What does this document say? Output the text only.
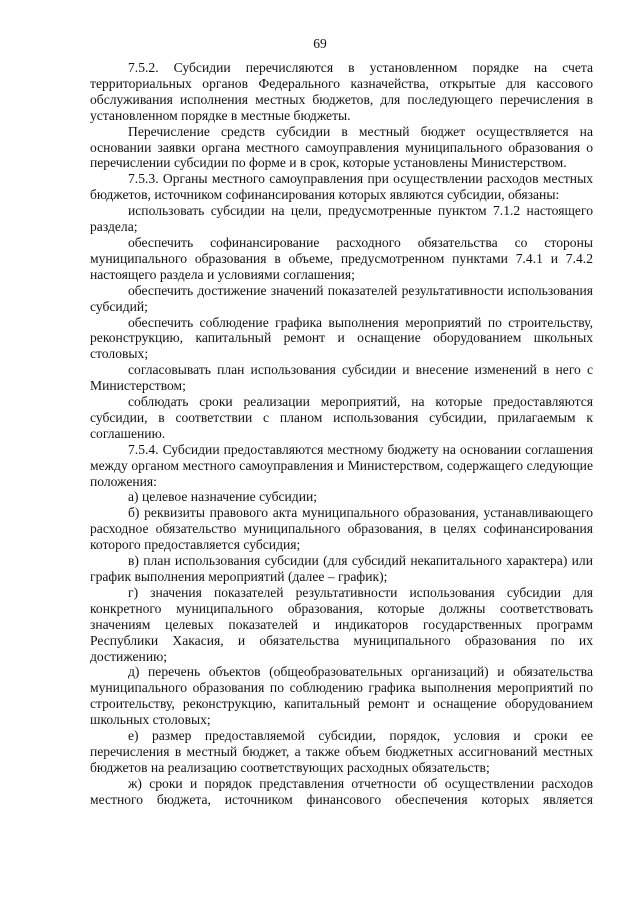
69

7.5.2. Субсидии перечисляются в установленном порядке на счета территориальных органов Федерального казначейства, открытые для кассового обслуживания исполнения местных бюджетов, для последующего перечисления в установленном порядке в местные бюджеты.

Перечисление средств субсидии в местный бюджет осуществляется на основании заявки органа местного самоуправления муниципального образования о перечислении субсидии по форме и в срок, которые установлены Министерством.

7.5.3. Органы местного самоуправления при осуществлении расходов местных бюджетов, источником софинансирования которых являются субсидии, обязаны:

использовать субсидии на цели, предусмотренные пунктом 7.1.2 настоящего раздела;

обеспечить софинансирование расходного обязательства со стороны муниципального образования в объеме, предусмотренном пунктами 7.4.1 и 7.4.2 настоящего раздела и условиями соглашения;

обеспечить достижение значений показателей результативности использования субсидий;

обеспечить соблюдение графика выполнения мероприятий по строительству, реконструкцию, капитальный ремонт и оснащение оборудованием школьных столовых;

согласовывать план использования субсидии и внесение изменений в него с Министерством;

соблюдать сроки реализации мероприятий, на которые предоставляются субсидии, в соответствии с планом использования субсидии, прилагаемым к соглашению.

7.5.4. Субсидии предоставляются местному бюджету на основании соглашения между органом местного самоуправления и Министерством, содержащего следующие положения:

а) целевое назначение субсидии;

б) реквизиты правового акта муниципального образования, устанавливающего расходное обязательство муниципального образования, в целях софинансирования которого предоставляется субсидия;

в) план использования субсидии (для субсидий некапитального характера) или график выполнения мероприятий (далее – график);

г) значения показателей результативности использования субсидии для конкретного муниципального образования, которые должны соответствовать значениям целевых показателей и индикаторов государственных программ Республики Хакасия, и обязательства муниципального образования по их достижению;

д) перечень объектов (общеобразовательных организаций) и обязательства муниципального образования по соблюдению графика выполнения мероприятий по строительству, реконструкцию, капитальный ремонт и оснащение оборудованием школьных столовых;

е) размер предоставляемой субсидии, порядок, условия и сроки ее перечисления в местный бюджет, а также объем бюджетных ассигнований местных бюджетов на реализацию соответствующих расходных обязательств;

ж) сроки и порядок представления отчетности об осуществлении расходов местного бюджета, источником финансового обеспечения которых является
